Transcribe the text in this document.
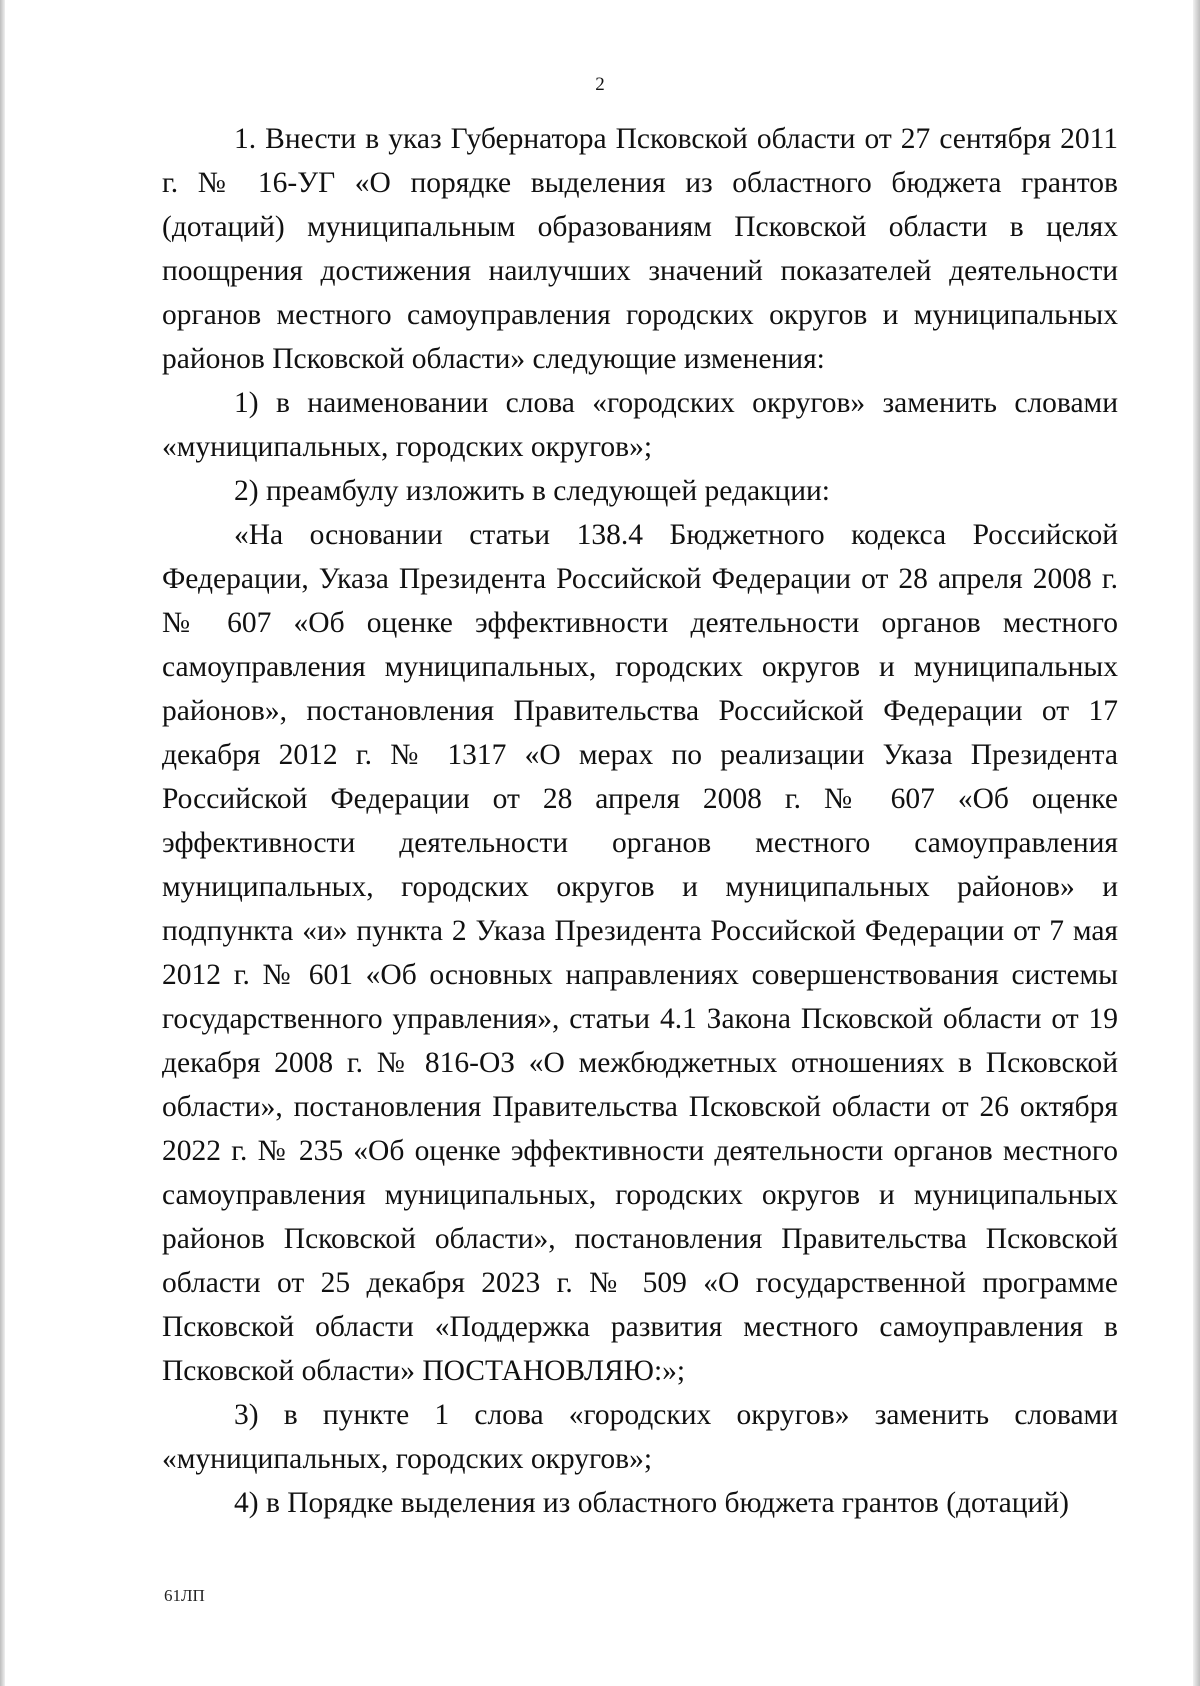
2

1. Внести в указ Губернатора Псковской области от 27 сентября 2011 г. № 16-УГ «О порядке выделения из областного бюджета грантов (дотаций) муниципальным образованиям Псковской области в целях поощрения достижения наилучших значений показателей деятельности органов местного самоуправления городских округов и муниципальных районов Псковской области» следующие изменения:

1) в наименовании слова «городских округов» заменить словами «муниципальных, городских округов»;

2) преамбулу изложить в следующей редакции:

«На основании статьи 138.4 Бюджетного кодекса Российской Федерации, Указа Президента Российской Федерации от 28 апреля 2008 г. № 607 «Об оценке эффективности деятельности органов местного самоуправления муниципальных, городских округов и муниципальных районов», постановления Правительства Российской Федерации от 17 декабря 2012 г. № 1317 «О мерах по реализации Указа Президента Российской Федерации от 28 апреля 2008 г. № 607 «Об оценке эффективности деятельности органов местного самоуправления муниципальных, городских округов и муниципальных районов» и подпункта «и» пункта 2 Указа Президента Российской Федерации от 7 мая 2012 г. № 601 «Об основных направлениях совершенствования системы государственного управления», статьи 4.1 Закона Псковской области от 19 декабря 2008 г. № 816-ОЗ «О межбюджетных отношениях в Псковской области», постановления Правительства Псковской области от 26 октября 2022 г. № 235 «Об оценке эффективности деятельности органов местного самоуправления муниципальных, городских округов и муниципальных районов Псковской области», постановления Правительства Псковской области от 25 декабря 2023 г. № 509 «О государственной программе Псковской области «Поддержка развития местного самоуправления в Псковской области» ПОСТАНОВЛЯЮ:»;

3) в пункте 1 слова «городских округов» заменить словами «муниципальных, городских округов»;

4) в Порядке выделения из областного бюджета грантов (дотаций)

61ЛП
